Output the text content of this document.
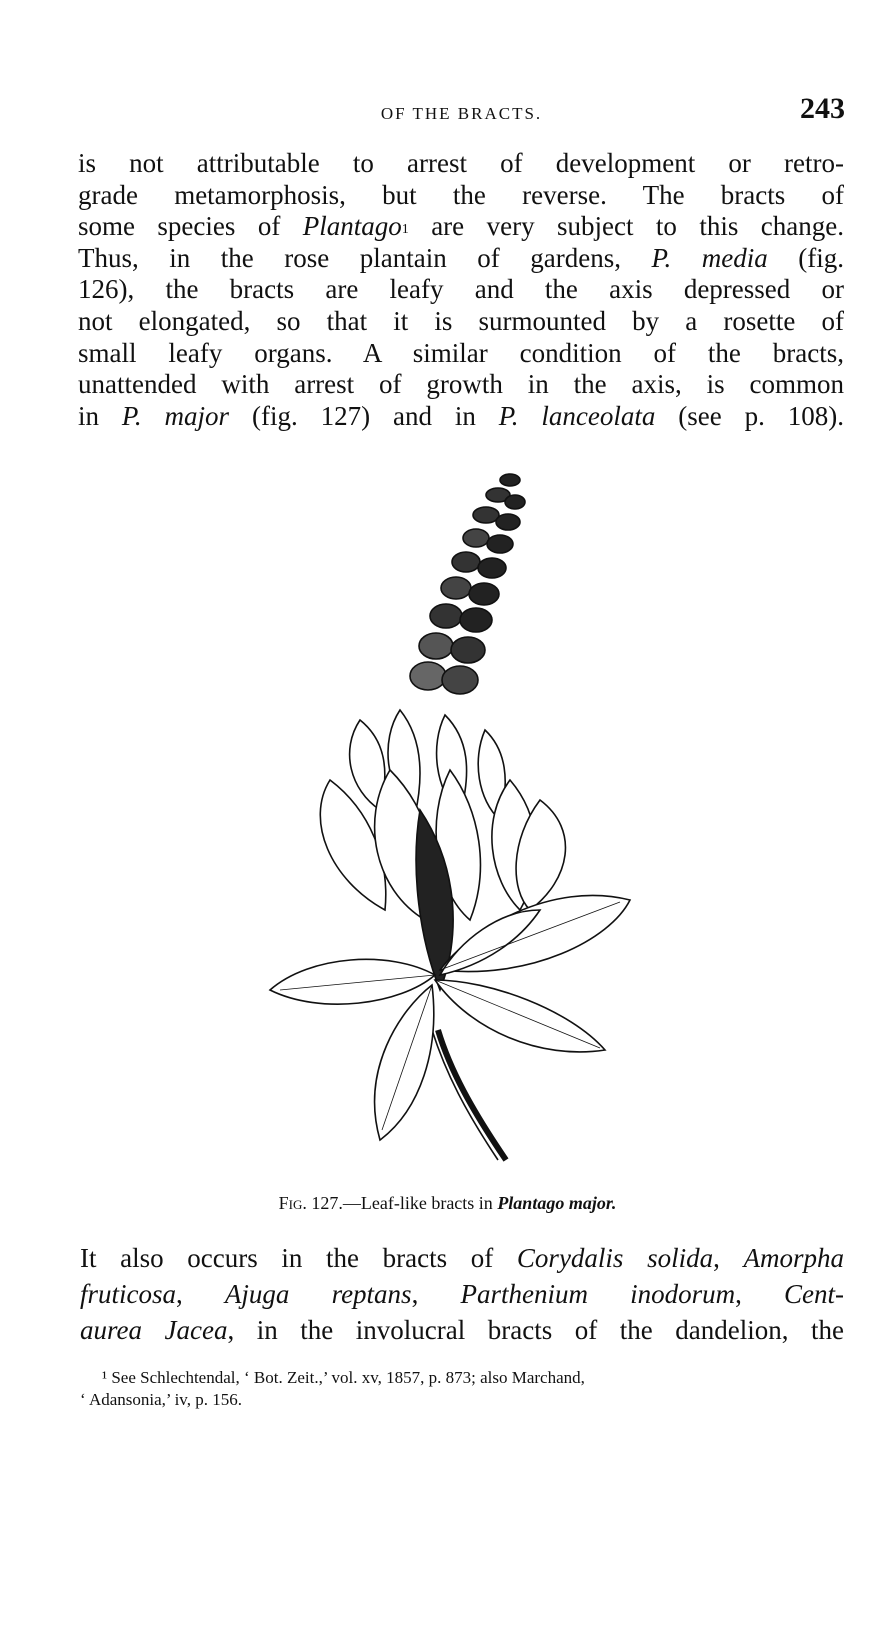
OF THE BRACTS.	243
is not attributable to arrest of development or retro-
grade metamorphosis, but the reverse. The bracts of
some species of Plantago$^1$ are very subject to this change.
Thus, in the rose plantain of gardens, P. media (fig.
126), the bracts are leafy and the axis depressed or
not elongated, so that it is surmounted by a rosette of
small leafy organs. A similar condition of the bracts,
unattended with arrest of growth in the axis, is common
in P. major (fig. 127) and in P. lanceolata (see p. 108).
Fig. 127.—Leaf-like bracts in Plantago major.
It also occurs in the bracts of Corydalis solida, Amorpha
fruticosa, Ajuga reptans, Parthenium inodorum, Cent-
aurea Jacea, in the involucral bracts of the dandelion, the
¹ See Schlechtendal, ‘ Bot. Zeit.,’ vol. xv, 1857, p. 873; also Marchand,
‘ Adansonia,’ iv, p. 156.
